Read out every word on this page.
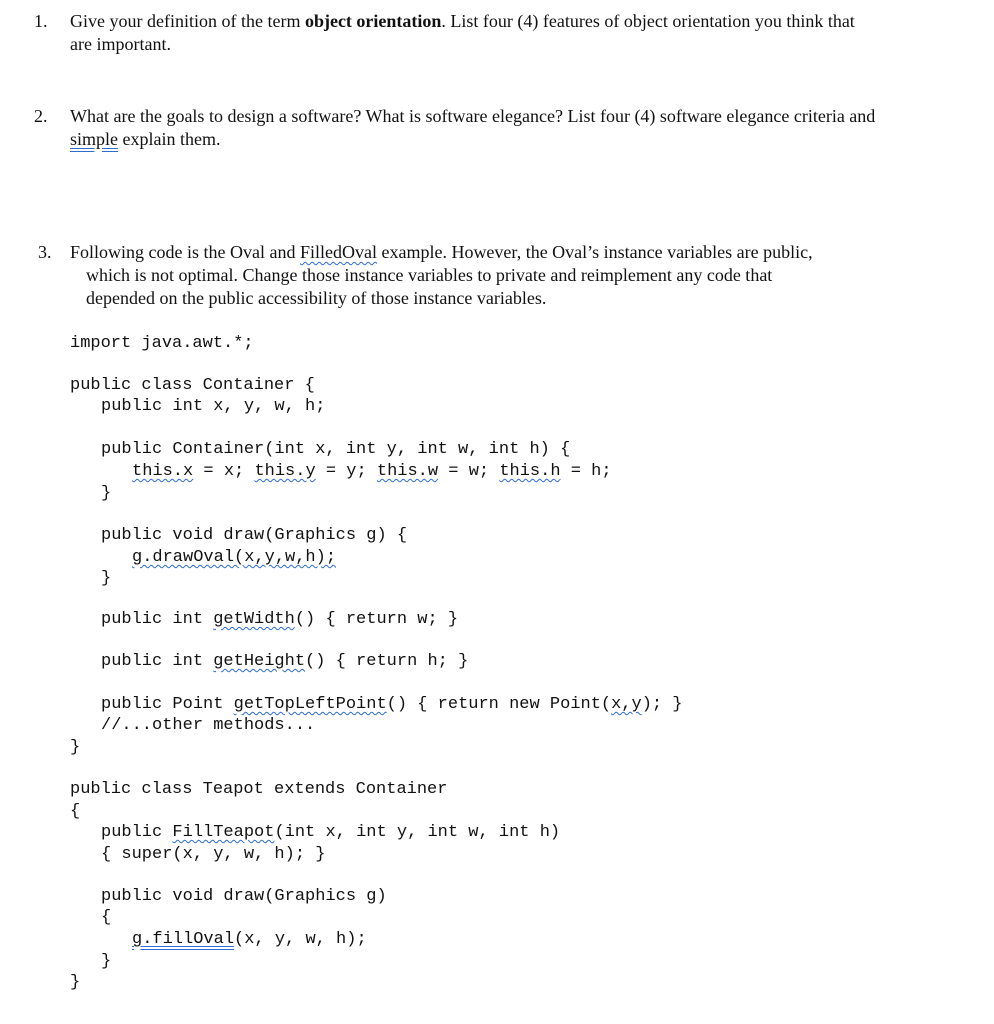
1. Give your definition of the term object orientation. List four (4) features of object orientation you think that
are important.
2. What are the goals to design a software? What is software elegance? List four (4) software elegance criteria and
simple explain them.
3. Following code is the Oval and FilledOval example. However, the Oval’s instance variables are public,
which is not optimal. Change those instance variables to private and reimplement any code that
depended on the public accessibility of those instance variables.
import java.awt.*;
public class Container {
public int x, y, w, h;
public Container(int x, int y, int w, int h) {
this.x = x; this.y = y; this.w = w; this.h = h;
}
public void draw(Graphics g) {
g.drawOval(x,y,w,h);
}
public int getWidth() { return w; }
public int getHeight() { return h; }
public Point getTopLeftPoint() { return new Point(x,y); }
//...other methods...
}
public class Teapot extends Container
{
public FillTeapot(int x, int y, int w, int h)
{ super(x, y, w, h); }
public void draw(Graphics g)
{
g.fillOval(x, y, w, h);
}
}
